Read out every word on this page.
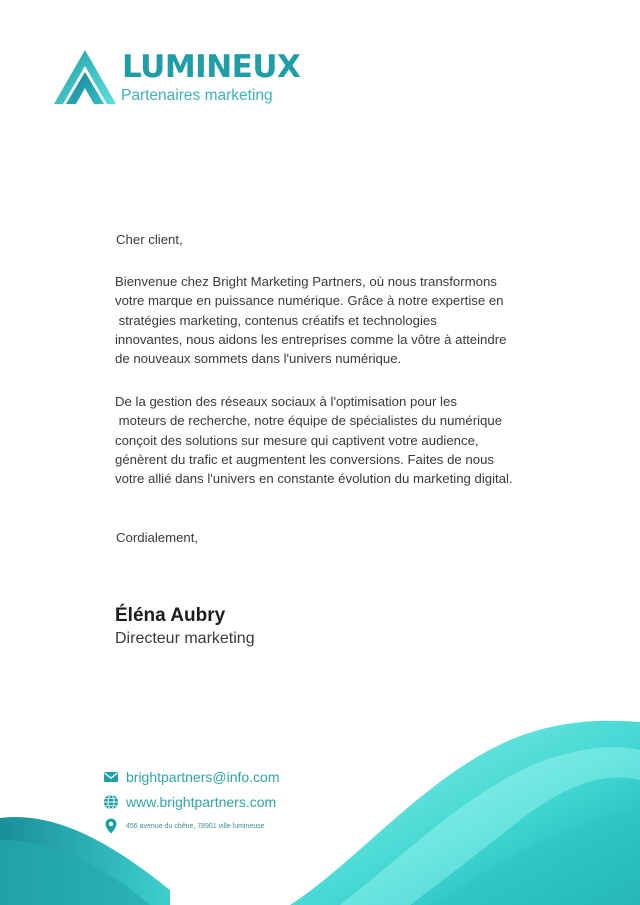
LUMINEUX
Partenaires marketing

Cher client,

Bienvenue chez Bright Marketing Partners, où nous transformons
votre marque en puissance numérique. Grâce à notre expertise en
stratégies marketing, contenus créatifs et technologies
innovantes, nous aidons les entreprises comme la vôtre à atteindre
de nouveaux sommets dans l'univers numérique.

De la gestion des réseaux sociaux à l'optimisation pour les
moteurs de recherche, notre équipe de spécialistes du numérique
conçoit des solutions sur mesure qui captivent votre audience,
génèrent du trafic et augmentent les conversions. Faites de nous
votre allié dans l'univers en constante évolution du marketing digital.

Cordialement,

Éléna Aubry
Directeur marketing
brightpartners@info.com
www.brightpartners.com
456 avenue du chêne, 78901 ville lumineuse
